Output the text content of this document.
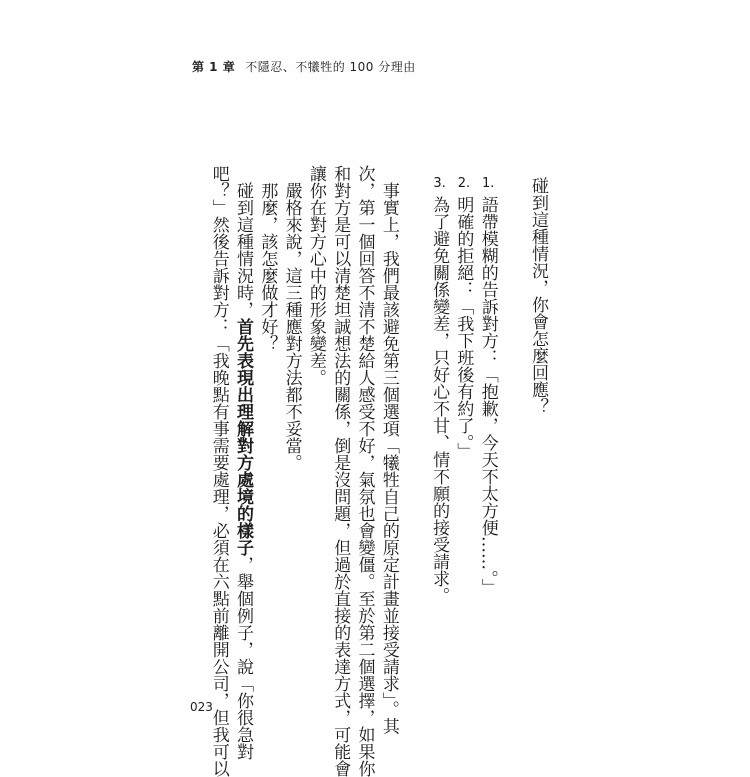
第 1 章 不隱忍、不犧牲的 100 分理由
碰到這種情況，你會怎麼回應？
1.語帶模糊的告訴對方：「抱歉，今天不太方便……。」
2.明確的拒絕：「我下班後有約了。」
3.為了避免關係變差，只好心不甘、情不願的接受請求。
事實上，我們最該避免第三個選項「犧牲自己的原定計畫並接受請求」。其
次，第一個回答不清不楚給人感受不好，氣氛也會變僵。至於第二個選擇，如果你
和對方是可以清楚坦誠想法的關係，倒是沒問題，但過於直接的表達方式，可能會
讓你在對方心中的形象變差。
嚴格來說，這三種應對方法都不妥當。
那麼，該怎麼做才好？
碰到這種情況時，首先表現出理解對方處境的樣子，舉個例子，說「你很急對
吧？」然後告訴對方：「我晚點有事需要處理，必須在六點前離開公司，但我可以
023
